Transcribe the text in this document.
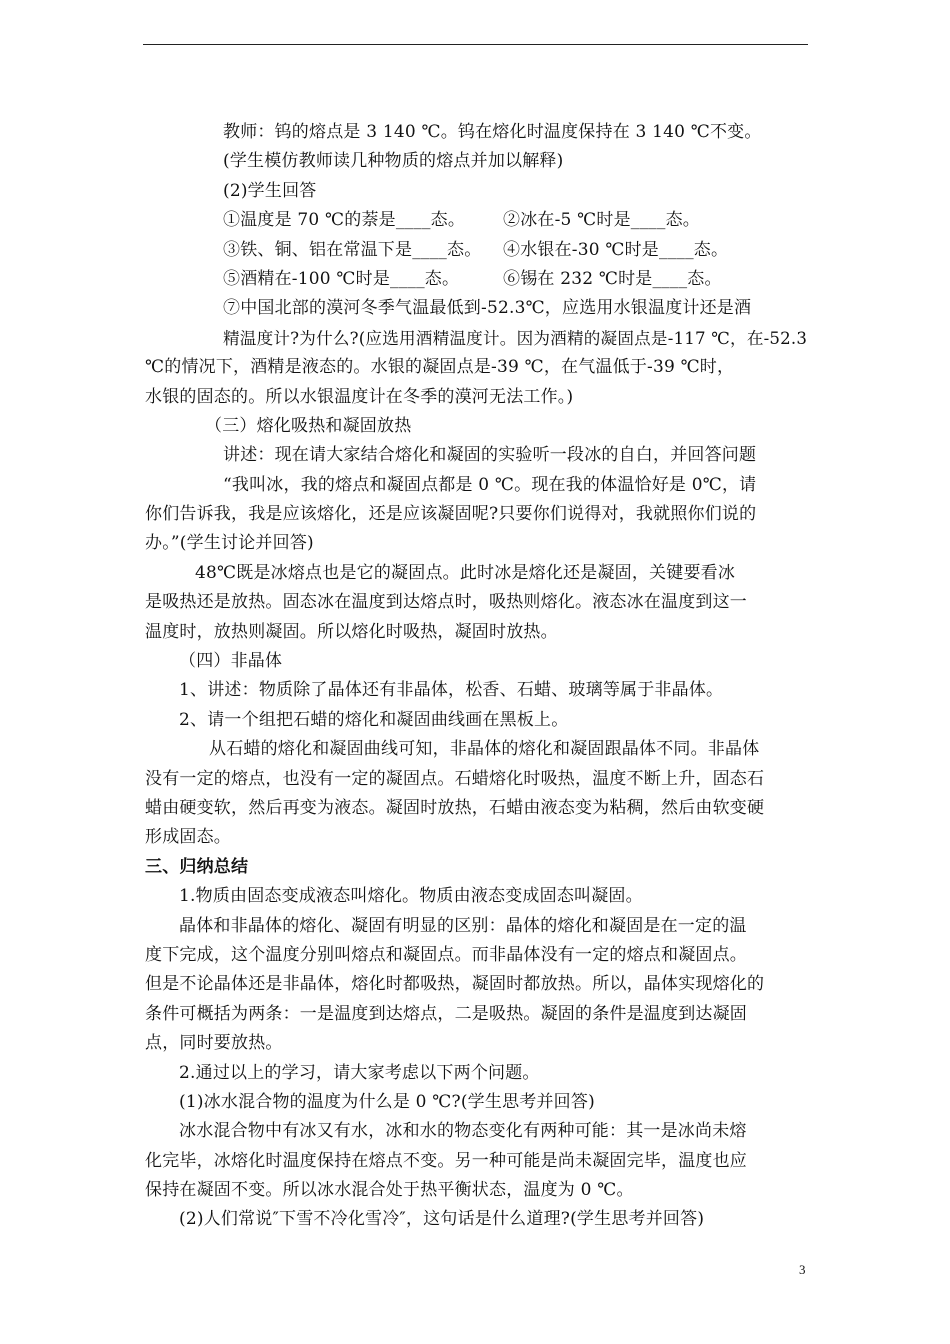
教师：钨的熔点是 3 140 ℃。钨在熔化时温度保持在 3 140 ℃不变。
(学生模仿教师读几种物质的熔点并加以解释)
(2)学生回答
①温度是 70 ℃的萘是____态。 ②冰在-5 ℃时是____态。
③铁、铜、铝在常温下是____态。 ④水银在-30 ℃时是____态。
⑤酒精在-100 ℃时是____态。	⑥锡在 232 ℃时是____态。
⑦中国北部的漠河冬季气温最低到-52.3℃，应选用水银温度计还是酒
精温度计?为什么?(应选用酒精温度计。因为酒精的凝固点是-117 ℃，在-52.3
℃的情况下，酒精是液态的。水银的凝固点是-39 ℃，在气温低于-39 ℃时，
水银的固态的。所以水银温度计在冬季的漠河无法工作。)
（三）熔化吸热和凝固放热
讲述：现在请大家结合熔化和凝固的实验听一段冰的自白，并回答问题
“我叫冰，我的熔点和凝固点都是 0 ℃。现在我的体温恰好是 0℃，请
你们告诉我，我是应该熔化，还是应该凝固呢?只要你们说得对，我就照你们说的
办。”(学生讨论并回答)
48℃既是冰熔点也是它的凝固点。此时冰是熔化还是凝固，关键要看冰
是吸热还是放热。固态冰在温度到达熔点时，吸热则熔化。液态冰在温度到这一
温度时，放热则凝固。所以熔化时吸热，凝固时放热。
（四）非晶体
1、讲述：物质除了晶体还有非晶体，松香、石蜡、玻璃等属于非晶体。
2、请一个组把石蜡的熔化和凝固曲线画在黑板上。
从石蜡的熔化和凝固曲线可知，非晶体的熔化和凝固跟晶体不同。非晶体
没有一定的熔点，也没有一定的凝固点。石蜡熔化时吸热，温度不断上升，固态石
蜡由硬变软，然后再变为液态。凝固时放热，石蜡由液态变为粘稠，然后由软变硬
形成固态。
三、归纳总结
1.物质由固态变成液态叫熔化。物质由液态变成固态叫凝固。
晶体和非晶体的熔化、凝固有明显的区别：晶体的熔化和凝固是在一定的温
度下完成，这个温度分别叫熔点和凝固点。而非晶体没有一定的熔点和凝固点。
但是不论晶体还是非晶体，熔化时都吸热，凝固时都放热。所以，晶体实现熔化的
条件可概括为两条：一是温度到达熔点，二是吸热。凝固的条件是温度到达凝固
点，同时要放热。
2.通过以上的学习，请大家考虑以下两个问题。
(1)冰水混合物的温度为什么是 0 ℃?(学生思考并回答)
冰水混合物中有冰又有水，冰和水的物态变化有两种可能：其一是冰尚未熔
化完毕，冰熔化时温度保持在熔点不变。另一种可能是尚未凝固完毕，温度也应
保持在凝固不变。所以冰水混合处于热平衡状态，温度为 0 ℃。
(2)人们常说″下雪不冷化雪冷″，这句话是什么道理?(学生思考并回答)
3
